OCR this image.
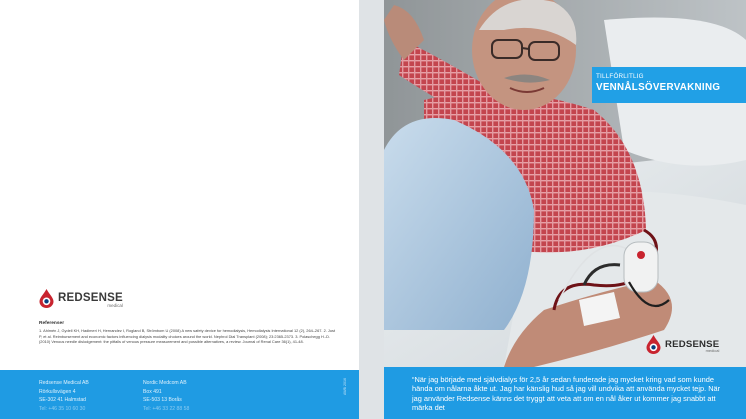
REDSENSE
medical
Referenser
1. Ahlmén J, Gydell KH, Hadimeri H, Hernandez I, Rogland B, Strömbom U (2008) A new safety device for hemodialysis, Hemodialysis International 12 (2), 264–267. 2. Just P, et al. Reimbursement and economic factors influencing dialysis modality choices around the world. Nephrol Dial Transplant (2008); 23:2365-2373. 3. Polaschegg H.-D. (2010) Venous needle dislodgement: the pitfalls of venous pressure measurement and possible alternatives, a review. Journal of Renal Care 36(1), 41-48.
Redsense Medical AB
Rörkullsvägen 4
SE-302 41 Halmstad
Tel: +46 35 10 60 30
Nordic Medcom AB
Box 491
SE-503 13 Borås
Tel: +46 33 22 88 58
AWB 2016
TILLFÖRLITLIG
VENNÅLSÖVERVAKNING
REDSENSE
medical
“När jag började med självdialys för 2,5 år sedan funderade jag mycket kring vad som kunde hända om nålarna åkte ut. Jag har känslig hud så jag vill undvika att använda mycket tejp. När jag använder Redsense känns det tryggt att veta att om en nål åker ut kommer jag snabbt att märka det
